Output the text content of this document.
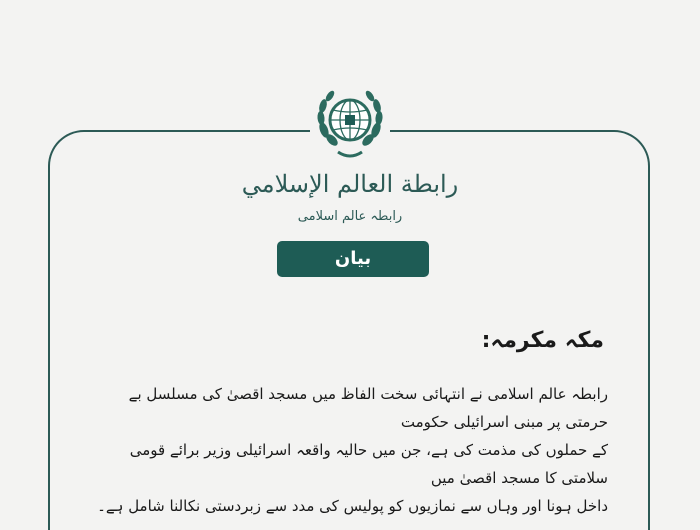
رابطة العالم الإسلامي
رابطہ عالم اسلامی
بیان
مکہ مکرمہ:

رابطہ عالم اسلامی نے انتہائی سخت الفاظ میں مسجد اقصیٰ کی مسلسل بے حرمتی پر مبنی اسرائیلی حکومت

کے حملوں کی مذمت کی ہے، جن میں حالیہ واقعہ اسرائیلی وزیر برائے قومی سلامتی کا مسجد اقصیٰ میں

داخل ہونا اور وہاں سے نمازیوں کو پولیس کی مدد سے زبردستی نکالنا شامل ہے۔
